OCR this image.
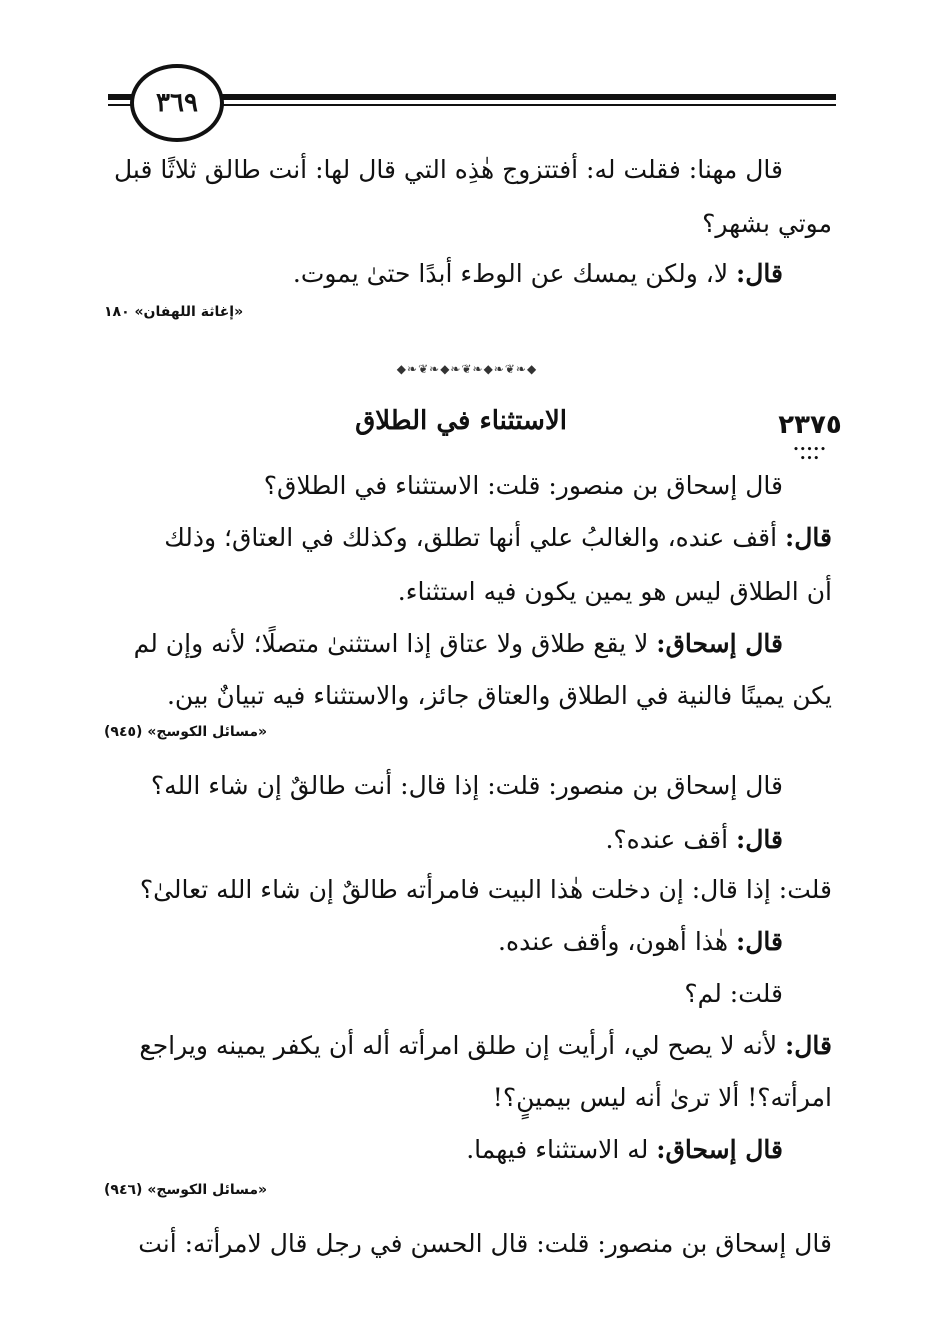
٣٦٩
قال مهنا: فقلت له: أفتتزوج هٰذِه التي قال لها: أنت طالق ثلاثًا قبل
موتي بشهر؟
قال: لا، ولكن يمسك عن الوطء أبدًا حتىٰ يموت.
«إغاثة اللهفان» ١٨٠
◆❧❦❧◆❧❦❧◆❧❦❧◆
٢٣٧٥
•••••
•••
الاستثناء في الطلاق
قال إسحاق بن منصور: قلت: الاستثناء في الطلاق؟
قال: أقف عنده، والغالبُ علي أنها تطلق، وكذلك في العتاق؛ وذلك
أن الطلاق ليس هو يمين يكون فيه استثناء.
قال إسحاق: لا يقع طلاق ولا عتاق إذا استثنىٰ متصلًا؛ لأنه وإن لم
يكن يمينًا فالنية في الطلاق والعتاق جائز، والاستثناء فيه تبيانٌ بين.
«مسائل الكوسج» (٩٤٥)
قال إسحاق بن منصور: قلت: إذا قال: أنت طالقٌ إن شاء الله؟
قال: أقف عنده؟.
قلت: إذا قال: إن دخلت هٰذا البيت فامرأته طالقٌ إن شاء الله تعالىٰ؟
قال: هٰذا أهون، وأقف عنده.
قلت: لم؟
قال: لأنه لا يصح لي، أرأيت إن طلق امرأته أله أن يكفر يمينه ويراجع
امرأته؟! ألا ترىٰ أنه ليس بيمينٍ؟!
قال إسحاق: له الاستثناء فيهما.
«مسائل الكوسج» (٩٤٦)
قال إسحاق بن منصور: قلت: قال الحسن في رجل قال لامرأته: أنت
